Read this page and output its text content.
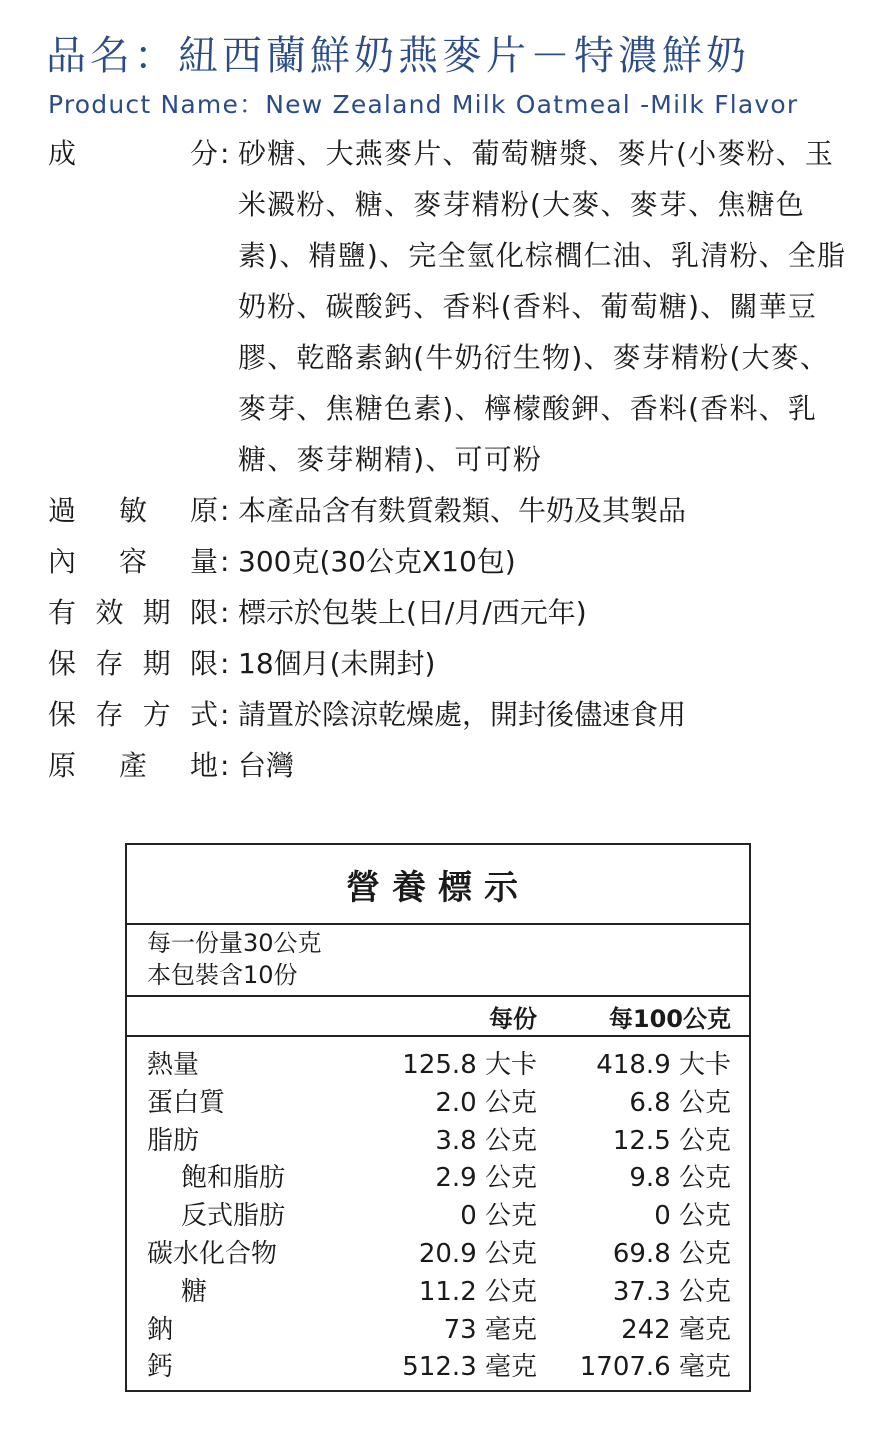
品名：紐西蘭鮮奶燕麥片－特濃鮮奶
Product Name：New Zealand Milk Oatmeal -Milk Flavor
成	分 : 砂糖、大燕麥片、葡萄糖漿、麥片(小麥粉、玉米澱粉、糖、麥芽精粉(大麥、麥芽、焦糖色素)、精鹽)、完全氫化棕櫚仁油、乳清粉、全脂奶粉、碳酸鈣、香料(香料、葡萄糖)、關華豆膠、乾酪素鈉(牛奶衍生物)、麥芽精粉(大麥、麥芽、焦糖色素)、檸檬酸鉀、香料(香料、乳糖、麥芽糊精)、可可粉
過 敏 原 : 本產品含有麩質穀類、牛奶及其製品
內 容 量 : 300克(30公克X10包)
有 效 期 限 : 標示於包裝上(日/月/西元年)
保 存 期 限 : 18個月(未開封)
保 存 方 式 : 請置於陰涼乾燥處，開封後儘速食用
原 產 地 : 台灣
營養標示
每一份量30公克
本包裝含10份
每份	每100公克
熱量	125.8 大卡 418.9 大卡
蛋白質	2.0 公克	6.8 公克
脂肪	3.8 公克	12.5 公克
飽和脂肪	2.9 公克	9.8 公克
反式脂肪	0 公克	0 公克
碳水化合物	20.9 公克	69.8 公克
糖	11.2 公克	37.3 公克
鈉	73 毫克	242 毫克
鈣	512.3 毫克 1707.6 毫克
